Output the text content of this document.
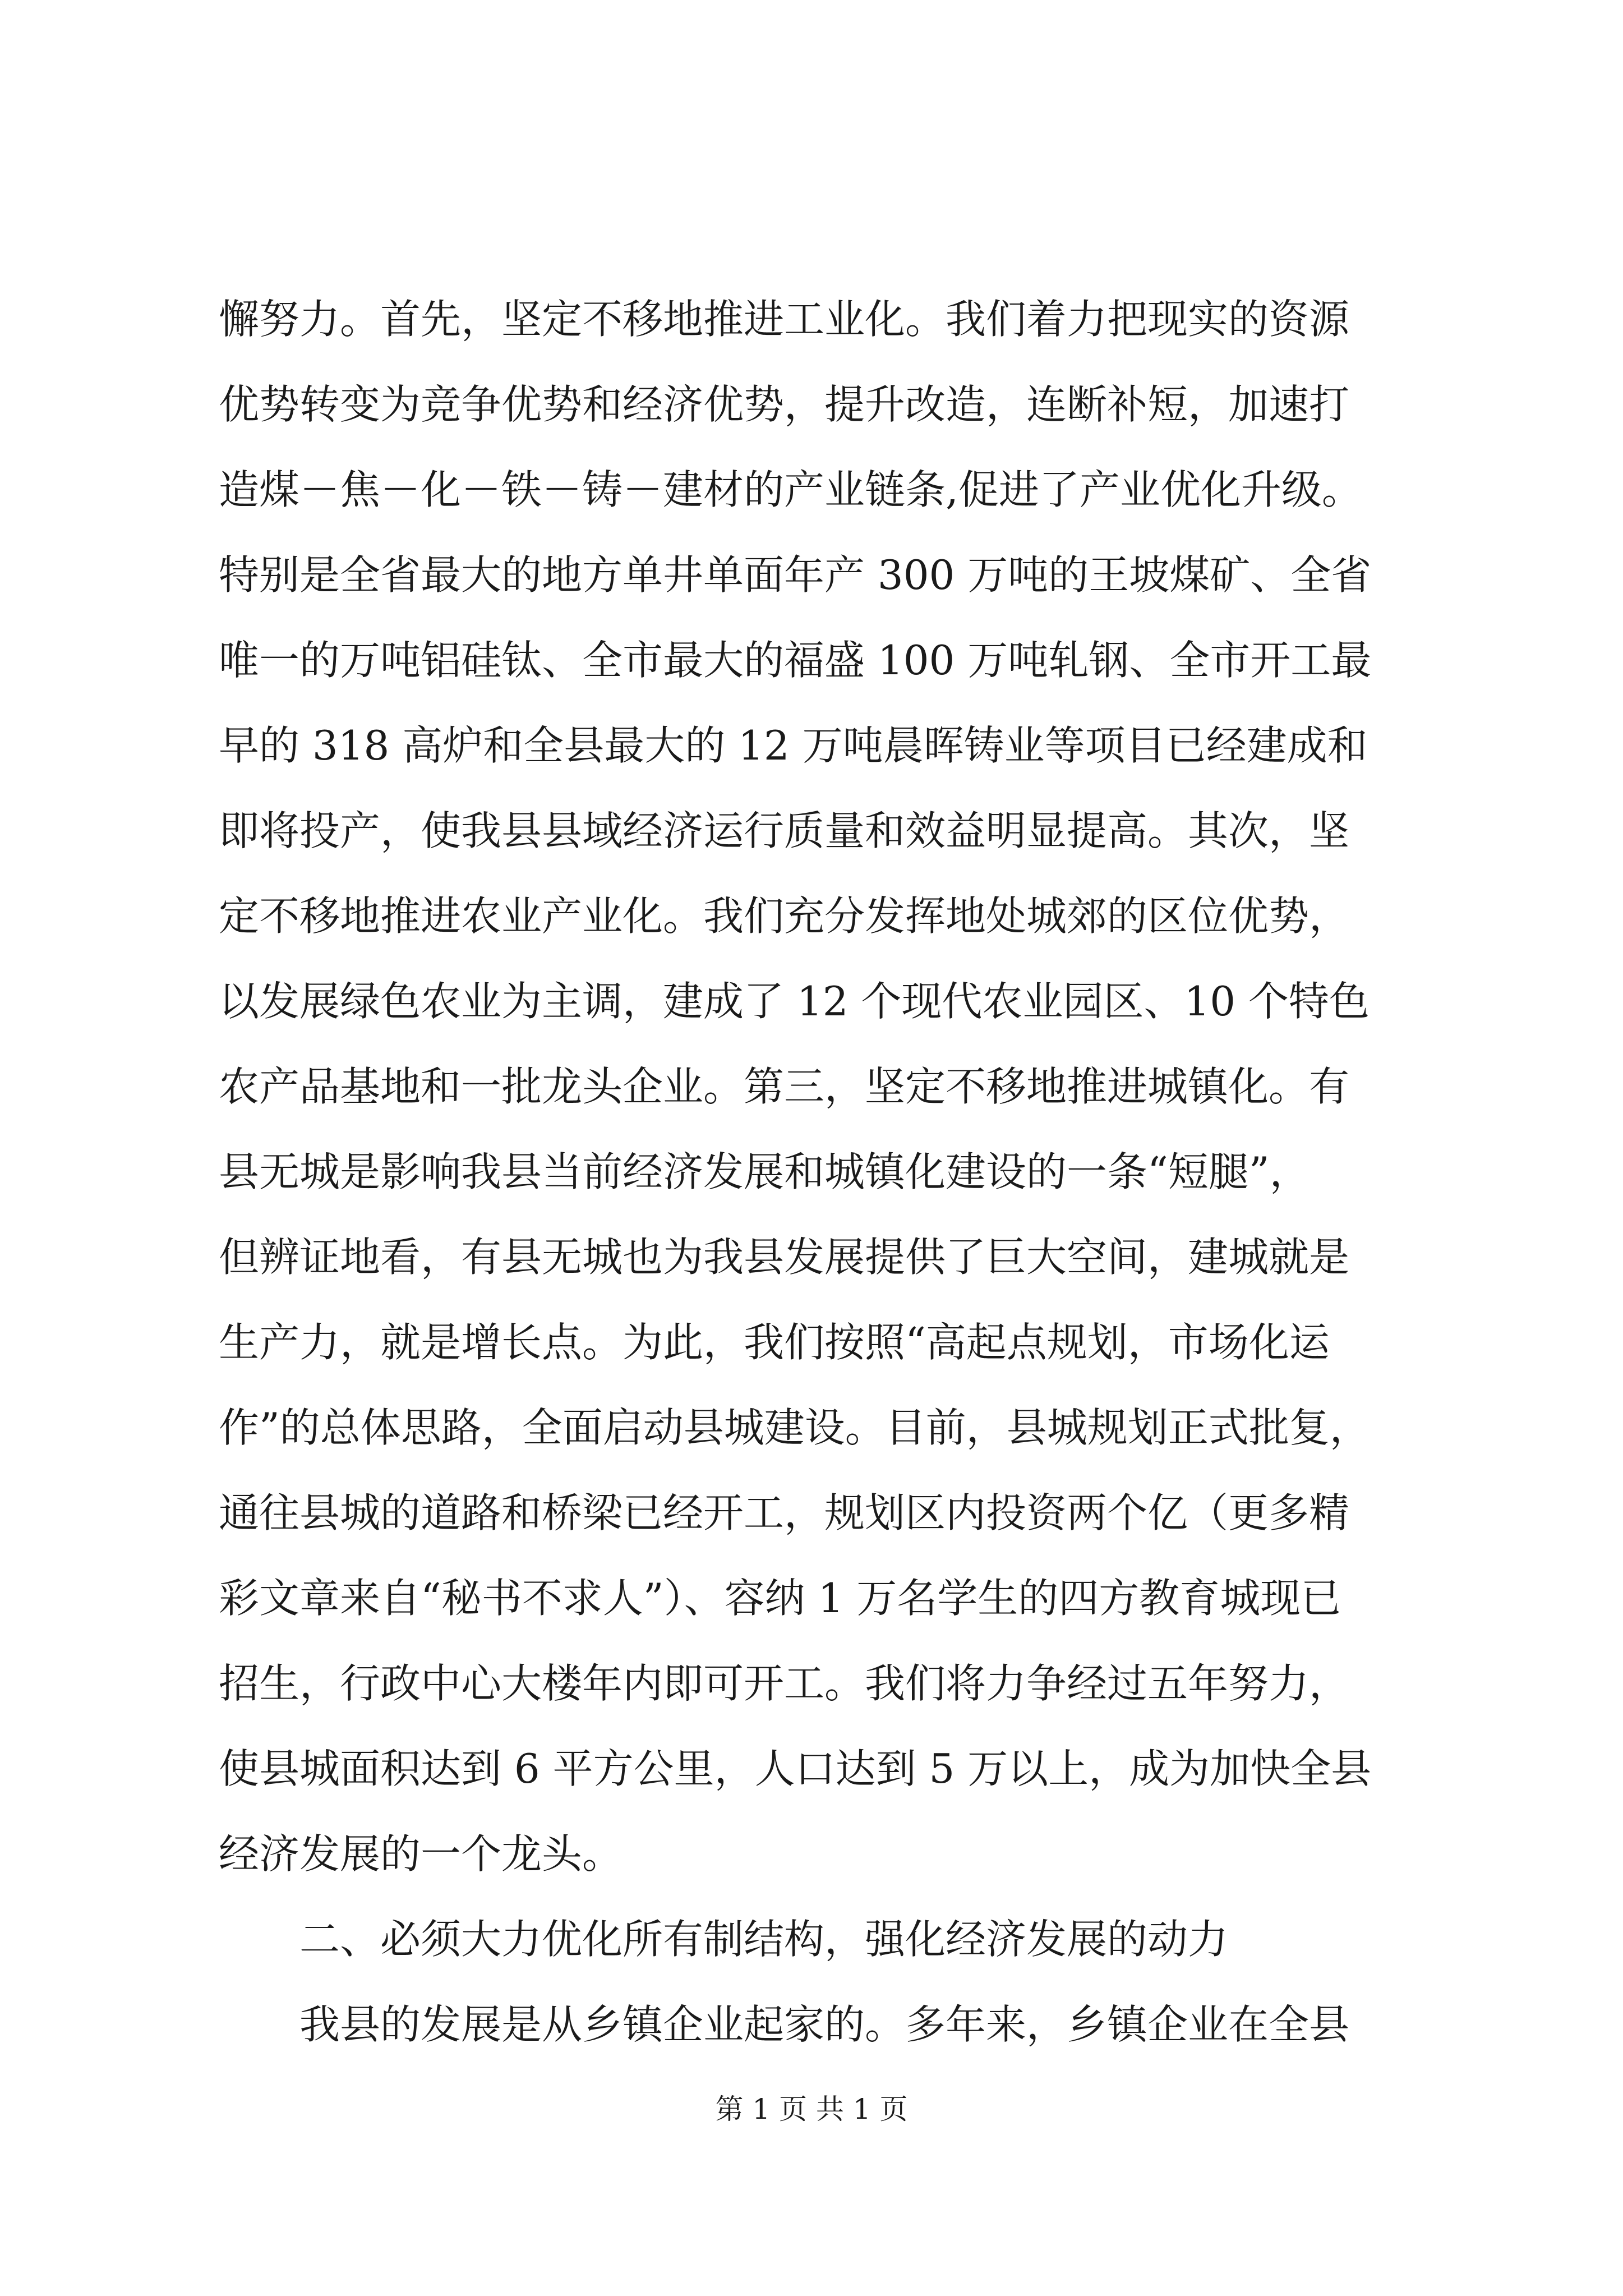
懈努力。首先，坚定不移地推进工业化。我们着力把现实的资源
优势转变为竞争优势和经济优势，提升改造，连断补短，加速打
造煤－焦－化－铁－铸－建材的产业链条,促进了产业优化升级。
特别是全省最大的地方单井单面年产 300 万吨的王坡煤矿、全省
唯一的万吨铝硅钛、全市最大的福盛 100 万吨轧钢、全市开工最
早的 318 高炉和全县最大的 12 万吨晨晖铸业等项目已经建成和
即将投产，使我县县域经济运行质量和效益明显提高。其次，坚
定不移地推进农业产业化。我们充分发挥地处城郊的区位优势，
以发展绿色农业为主调，建成了 12 个现代农业园区、10 个特色
农产品基地和一批龙头企业。第三，坚定不移地推进城镇化。有
县无城是影响我县当前经济发展和城镇化建设的一条“短腿”，
但辨证地看，有县无城也为我县发展提供了巨大空间，建城就是
生产力，就是增长点。为此，我们按照“高起点规划，市场化运
作”的总体思路，全面启动县城建设。目前，县城规划正式批复，
通往县城的道路和桥梁已经开工，规划区内投资两个亿（更多精
彩文章来自“秘书不求人”）、容纳 1 万名学生的四方教育城现已
招生，行政中心大楼年内即可开工。我们将力争经过五年努力，
使县城面积达到 6 平方公里，人口达到 5 万以上，成为加快全县
经济发展的一个龙头。
二、必须大力优化所有制结构，强化经济发展的动力
我县的发展是从乡镇企业起家的。多年来，乡镇企业在全县
第 1 页 共 1 页
